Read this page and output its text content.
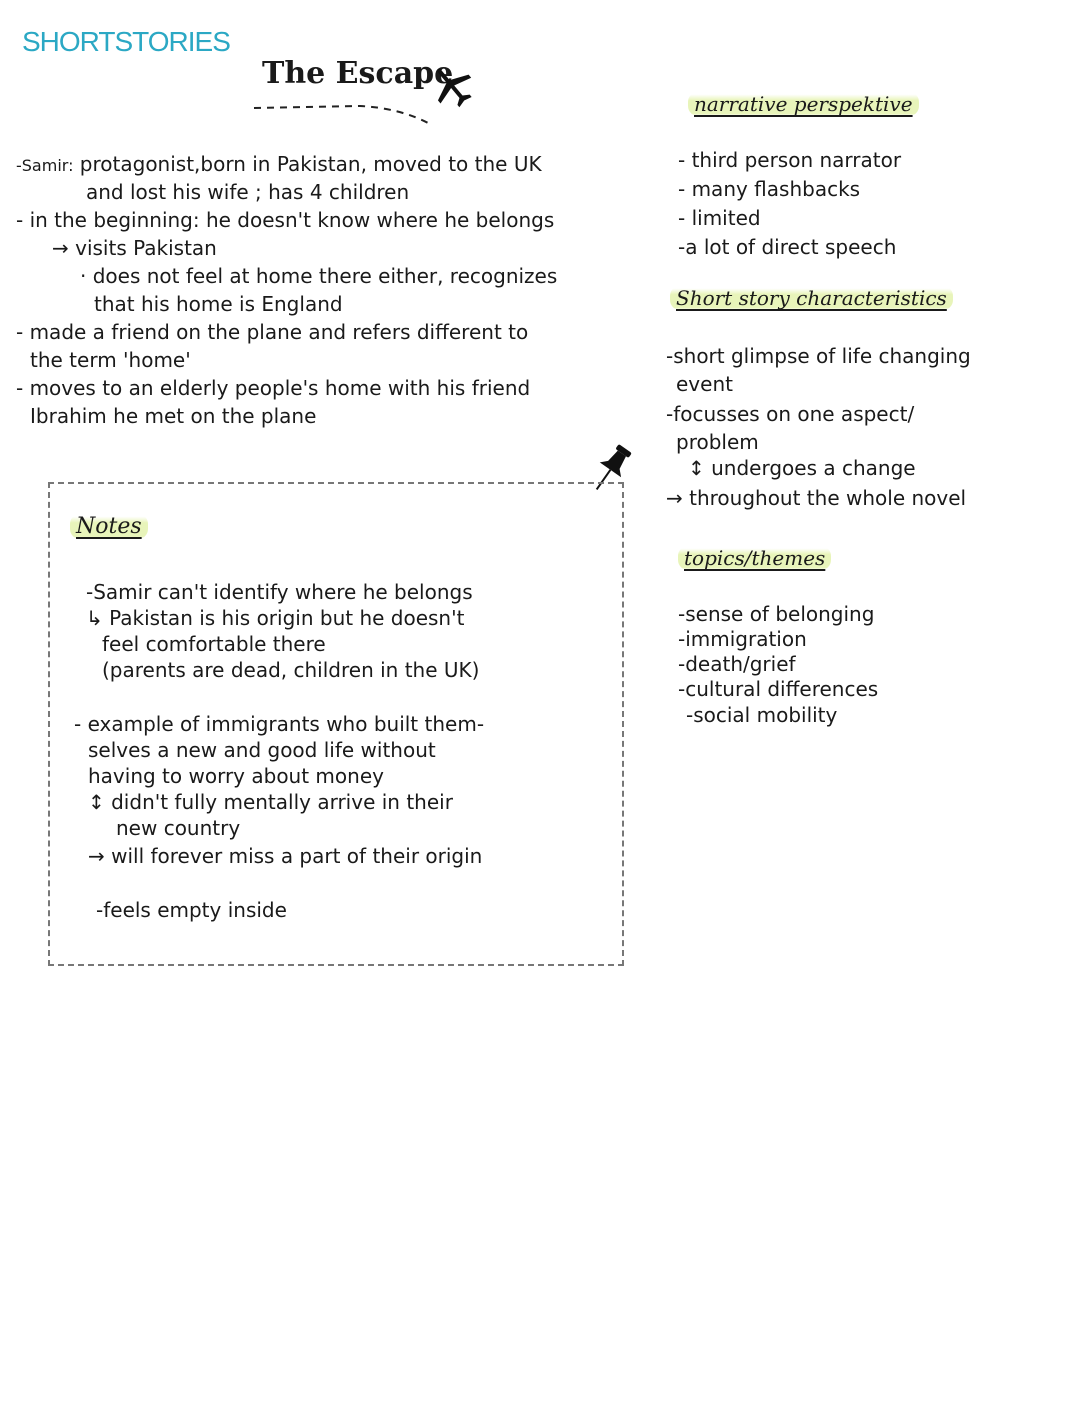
SHORTSTORIES
The Escape
-Samir: protagonist,born in Pakistan, moved to the UK
and lost his wife ; has 4 children
- in the beginning: he doesn't know where he belongs
→ visits Pakistan
· does not feel at home there either, recognizes
that his home is England
- made a friend on the plane and refers different to
the term 'home'
- moves to an elderly people's home with his friend
Ibrahim he met on the plane
Notes
-Samir can't identify where he belongs
↳ Pakistan is his origin but he doesn't
feel comfortable there
(parents are dead, children in the UK)
- example of immigrants who built them-
selves a new and good life without
having to worry about money
↕ didn't fully mentally arrive in their
new country
→ will forever miss a part of their origin
-feels empty inside
narrative perspektive
- third person narrator
- many flashbacks
- limited
-a lot of direct speech
Short story characteristics
-short glimpse of life changing
event
-focusses on one aspect/
problem
↕ undergoes a change
→ throughout the whole novel
topics/themes
-sense of belonging
-immigration
-death/grief
-cultural differences
-social mobility
